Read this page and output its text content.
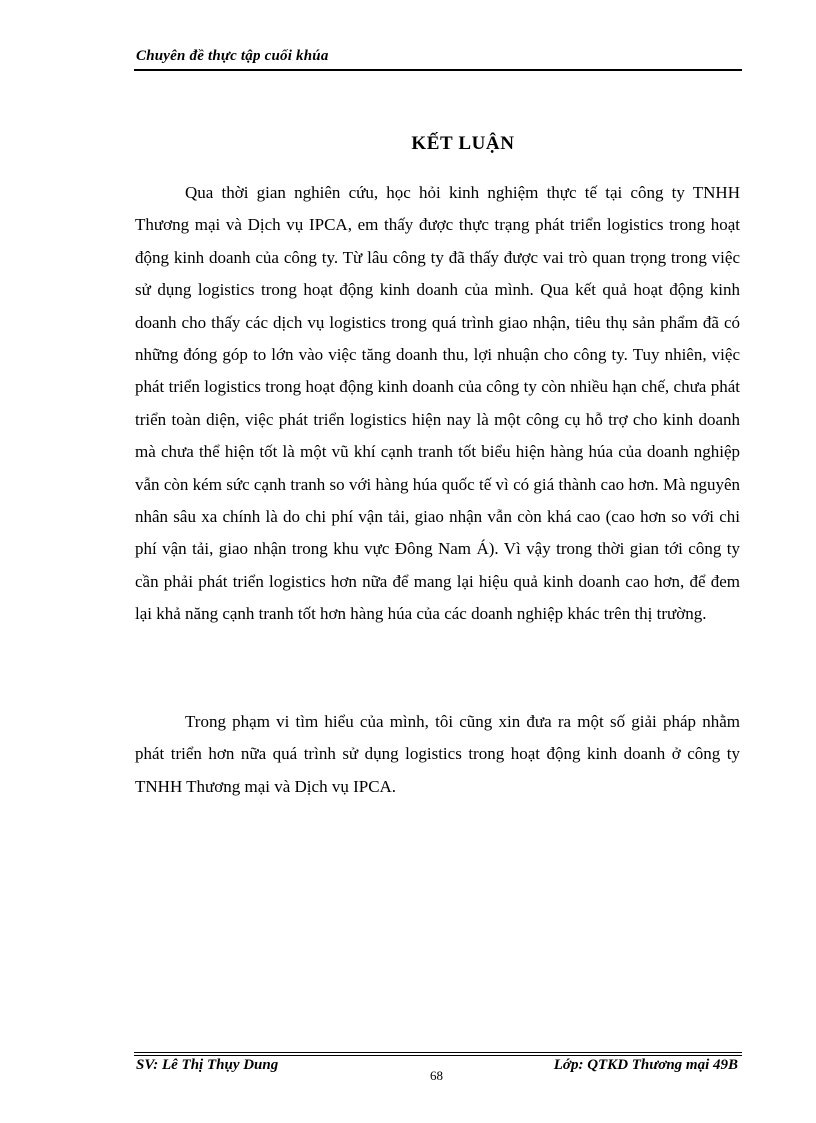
Chuyên đề thực tập cuối khúa
KẾT LUẬN

Qua thời gian nghiên cứu, học hỏi kinh nghiệm thực tế tại công ty TNHH Thương mại và Dịch vụ IPCA, em thấy được thực trạng phát triển logistics trong hoạt động kinh doanh của công ty. Từ lâu công ty đã thấy được vai trò quan trọng trong việc sử dụng logistics trong hoạt động kinh doanh của mình. Qua kết quả hoạt động kinh doanh cho thấy các dịch vụ logistics trong quá trình giao nhận, tiêu thụ sản phẩm đã có những đóng góp to lớn vào việc tăng doanh thu, lợi nhuận cho công ty. Tuy nhiên, việc phát triển logistics trong hoạt động kinh doanh của công ty còn nhiều hạn chế, chưa phát triển toàn diện, việc phát triển logistics hiện nay là một công cụ hỗ trợ cho kinh doanh mà chưa thể hiện tốt là một vũ khí cạnh tranh tốt biểu hiện hàng húa của doanh nghiệp vẫn còn kém sức cạnh tranh so với hàng húa quốc tế vì có giá thành cao hơn. Mà nguyên nhân sâu xa chính là do chi phí vận tải, giao nhận vẫn còn khá cao (cao hơn so với chi phí vận tải, giao nhận trong khu vực Đông Nam Á). Vì vậy trong thời gian tới công ty cần phải phát triển logistics hơn nữa để mang lại hiệu quả kinh doanh cao hơn, để đem lại khả năng cạnh tranh tốt hơn hàng húa của các doanh nghiệp khác trên thị trường.

Trong phạm vi tìm hiểu của mình, tôi cũng xin đưa ra một số giải pháp nhằm phát triển hơn nữa quá trình sử dụng logistics trong hoạt động kinh doanh ở công ty TNHH Thương mại và Dịch vụ IPCA.

SV: Lê Thị Thụy Dung
68
Lớp: QTKD Thương mại 49B
